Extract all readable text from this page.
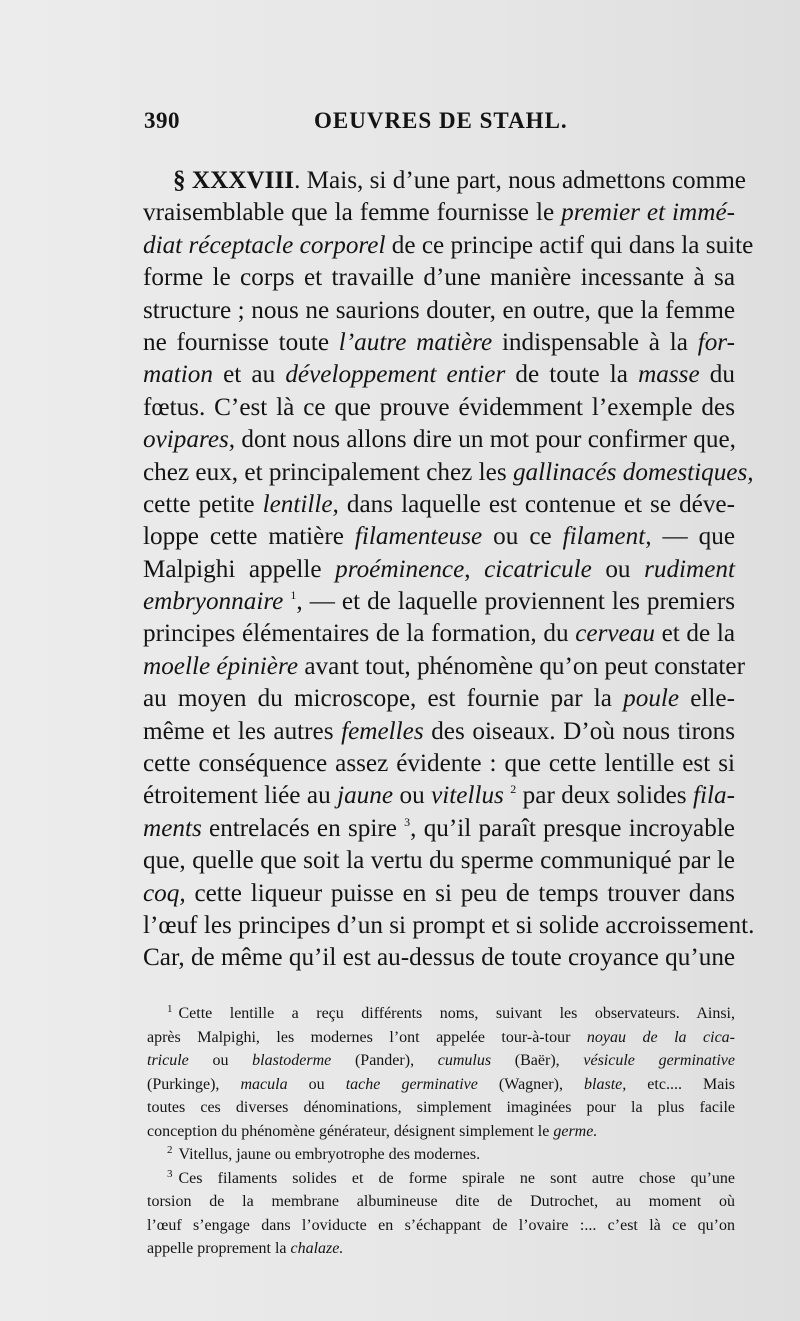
390	OEUVRES DE STAHL.
§ XXXVIII. Mais, si d’une part, nous admettons comme
vraisemblable que la femme fournisse le premier et immé-
diat réceptacle corporel de ce principe actif qui dans la suite
forme le corps et travaille d’une manière incessante à sa
structure ; nous ne saurions douter, en outre, que la femme
ne fournisse toute l’autre matière indispensable à la for-
mation et au développement entier de toute la masse du
fœtus. C’est là ce que prouve évidemment l’exemple des
ovipares, dont nous allons dire un mot pour confirmer que,
chez eux, et principalement chez les gallinacés domestiques,
cette petite lentille, dans laquelle est contenue et se déve-
loppe cette matière filamenteuse ou ce filament, — que
Malpighi appelle proéminence, cicatricule ou rudiment
embryonnaire $^1$, — et de laquelle proviennent les premiers
principes élémentaires de la formation, du cerveau et de la
moelle épinière avant tout, phénomène qu’on peut constater
au moyen du microscope, est fournie par la poule elle-
même et les autres femelles des oiseaux. D’où nous tirons
cette conséquence assez évidente : que cette lentille est si
étroitement liée au jaune ou vitellus $^2$ par deux solides fila-
ments entrelacés en spire $^3$, qu’il paraît presque incroyable
que, quelle que soit la vertu du sperme communiqué par le
coq, cette liqueur puisse en si peu de temps trouver dans
l’œuf les principes d’un si prompt et si solide accroissement.
Car, de même qu’il est au-dessus de toute croyance qu’une
$^1$ Cette lentille a reçu différents noms, suivant les observateurs. Ainsi,
après Malpighi, les modernes l’ont appelée tour-à-tour noyau de la cica-
tricule ou blastoderme (Pander), cumulus (Baër), vésicule germinative
(Purkinge), macula ou tache germinative (Wagner), blaste, etc.... Mais
toutes ces diverses dénominations, simplement imaginées pour la plus facile
conception du phénomène générateur, désignent simplement le germe.
$^2$ Vitellus, jaune ou embryotrophe des modernes.
$^3$ Ces filaments solides et de forme spirale ne sont autre chose qu’une
torsion de la membrane albumineuse dite de Dutrochet, au moment où
l’œuf s’engage dans l’oviducte en s’échappant de l’ovaire :... c’est là ce qu’on
appelle proprement la chalaze.
